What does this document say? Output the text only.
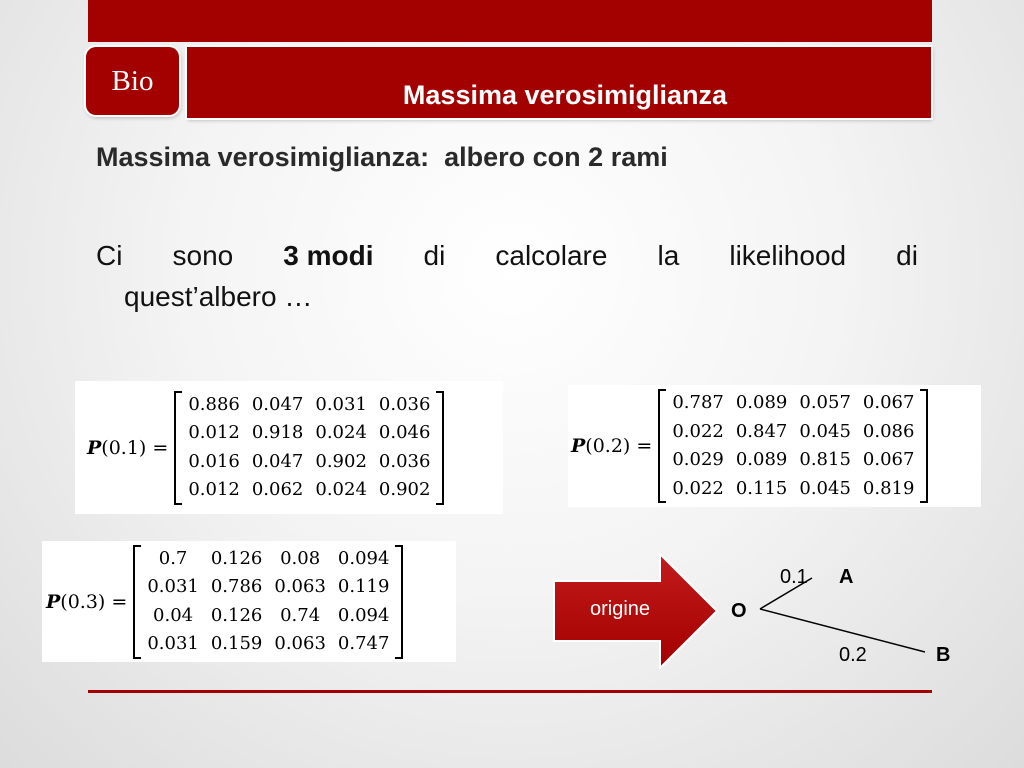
Bio	Massima verosimiglianza
Massima verosimiglianza:  albero con 2 rami
Ci sono 3 modi di calcolare la likelihood di
quest’albero …
P(0.1) =
0.886	0.047	0.031	0.036
0.012	0.918	0.024	0.046
0.016	0.047	0.902	0.036
0.012	0.062	0.024	0.902
P(0.2) =
0.787	0.089	0.057	0.067
0.022	0.847	0.045	0.086
0.029	0.089	0.815	0.067
0.022	0.115	0.045	0.819
P(0.3) =
0.7	0.126	0.08	0.094
0.031	0.786	0.063	0.119
0.04	0.126	0.74	0.094
0.031	0.159	0.063	0.747
origine	O
0.1 A
0.2	B
